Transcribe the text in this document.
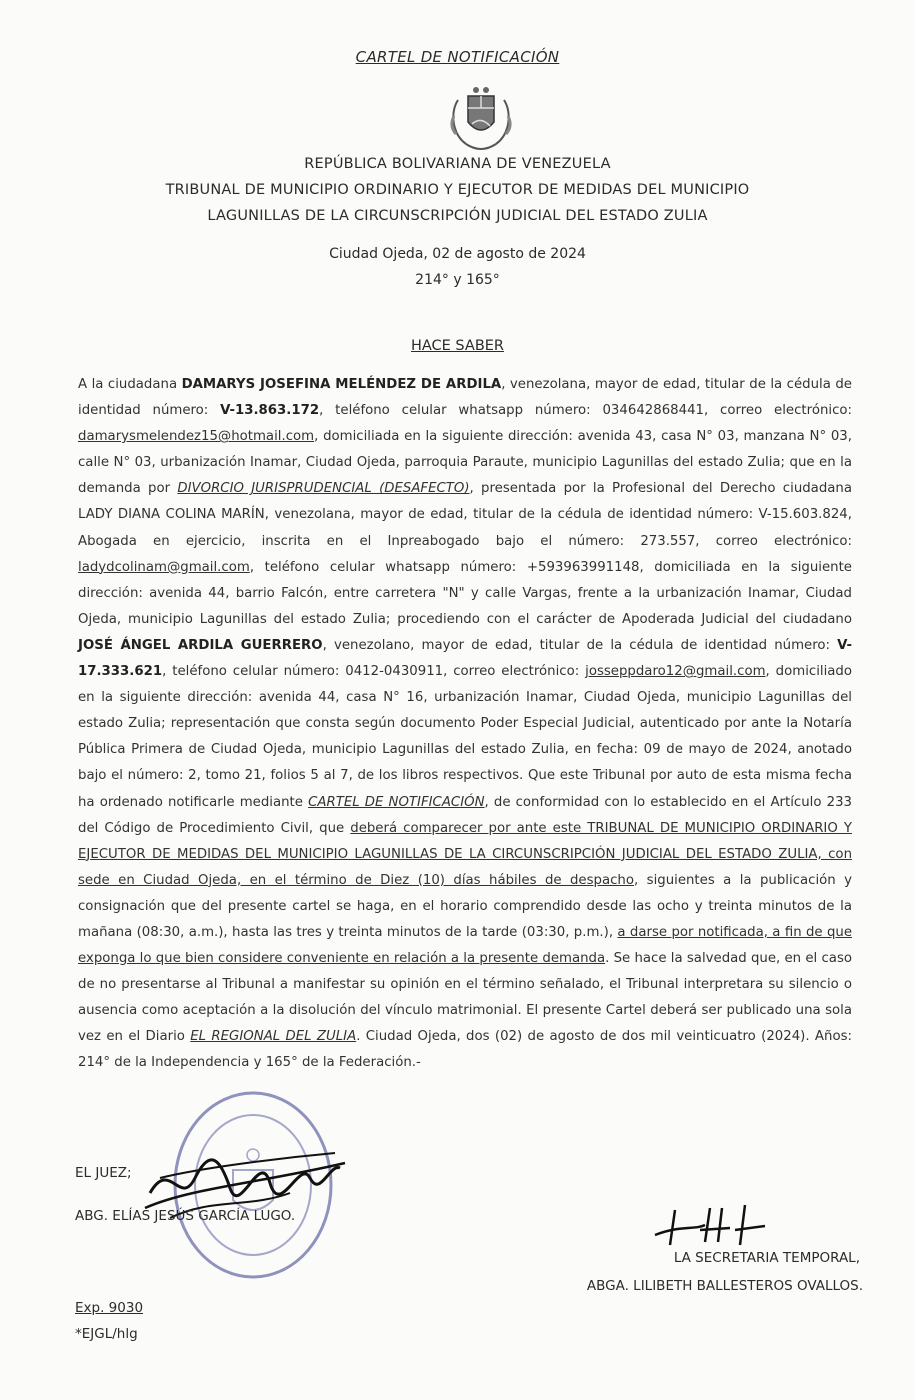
CARTEL DE NOTIFICACIÓN
REPÚBLICA BOLIVARIANA DE VENEZUELA
TRIBUNAL DE MUNICIPIO ORDINARIO Y EJECUTOR DE MEDIDAS DEL MUNICIPIO
LAGUNILLAS DE LA CIRCUNSCRIPCIÓN JUDICIAL DEL ESTADO ZULIA
Ciudad Ojeda, 02 de agosto de 2024
214° y 165°
HACE SABER
A la ciudadana DAMARYS JOSEFINA MELÉNDEZ DE ARDILA, venezolana, mayor de edad, titular de la cédula de identidad número: V-13.863.172, teléfono celular whatsapp número: 034642868441, correo electrónico: damarysmelendez15@hotmail.com, domiciliada en la siguiente dirección: avenida 43, casa N° 03, manzana N° 03, calle N° 03, urbanización Inamar, Ciudad Ojeda, parroquia Paraute, municipio Lagunillas del estado Zulia; que en la demanda por DIVORCIO JURISPRUDENCIAL (DESAFECTO), presentada por la Profesional del Derecho ciudadana LADY DIANA COLINA MARÍN, venezolana, mayor de edad, titular de la cédula de identidad número: V-15.603.824, Abogada en ejercicio, inscrita en el Inpreabogado bajo el número: 273.557, correo electrónico: ladydcolinam@gmail.com, teléfono celular whatsapp número: +593963991148, domiciliada en la siguiente dirección: avenida 44, barrio Falcón, entre carretera "N" y calle Vargas, frente a la urbanización Inamar, Ciudad Ojeda, municipio Lagunillas del estado Zulia; procediendo con el carácter de Apoderada Judicial del ciudadano JOSÉ ÁNGEL ARDILA GUERRERO, venezolano, mayor de edad, titular de la cédula de identidad número: V-17.333.621, teléfono celular número: 0412-0430911, correo electrónico: josseppdaro12@gmail.com, domiciliado en la siguiente dirección: avenida 44, casa N° 16, urbanización Inamar, Ciudad Ojeda, municipio Lagunillas del estado Zulia; representación que consta según documento Poder Especial Judicial, autenticado por ante la Notaría Pública Primera de Ciudad Ojeda, municipio Lagunillas del estado Zulia, en fecha: 09 de mayo de 2024, anotado bajo el número: 2, tomo 21, folios 5 al 7, de los libros respectivos. Que este Tribunal por auto de esta misma fecha ha ordenado notificarle mediante CARTEL DE NOTIFICACIÓN, de conformidad con lo establecido en el Artículo 233 del Código de Procedimiento Civil, que deberá comparecer por ante este TRIBUNAL DE MUNICIPIO ORDINARIO Y EJECUTOR DE MEDIDAS DEL MUNICIPIO LAGUNILLAS DE LA CIRCUNSCRIPCIÓN JUDICIAL DEL ESTADO ZULIA, con sede en Ciudad Ojeda, en el término de Diez (10) días hábiles de despacho, siguientes a la publicación y consignación que del presente cartel se haga, en el horario comprendido desde las ocho y treinta minutos de la mañana (08:30, a.m.), hasta las tres y treinta minutos de la tarde (03:30, p.m.), a darse por notificada, a fin de que exponga lo que bien considere conveniente en relación a la presente demanda. Se hace la salvedad que, en el caso de no presentarse al Tribunal a manifestar su opinión en el término señalado, el Tribunal interpretara su silencio o ausencia como aceptación a la disolución del vínculo matrimonial. El presente Cartel deberá ser publicado una sola vez en el Diario EL REGIONAL DEL ZULIA. Ciudad Ojeda, dos (02) de agosto de dos mil veinticuatro (2024). Años: 214° de la Independencia y 165° de la Federación.-
EL JUEZ;
ABG. ELÍAS JESÚS GARCÍA LUGO.
LA SECRETARIA TEMPORAL,
ABGA. LILIBETH BALLESTEROS OVALLOS.
Exp. 9030
*EJGL/hlg
